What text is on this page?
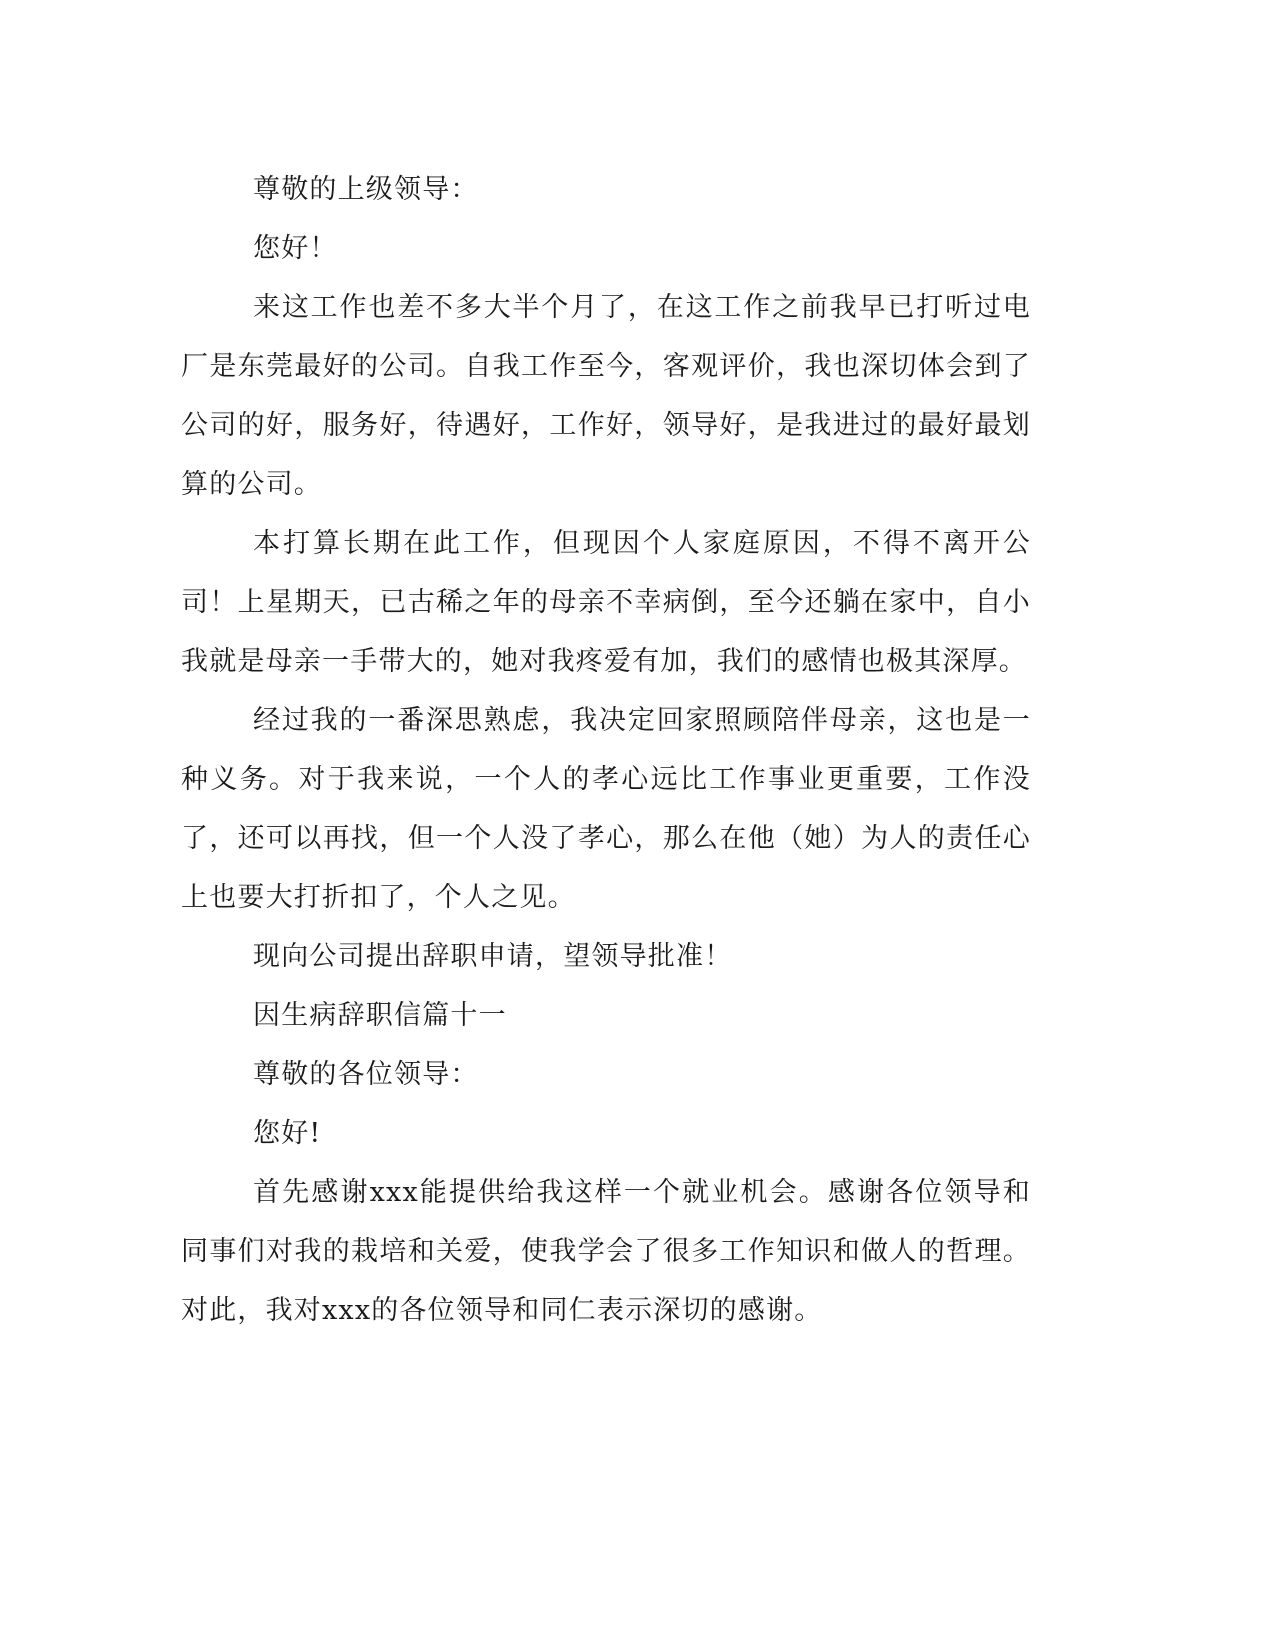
尊敬的上级领导：

您好！

来这工作也差不多大半个月了，在这工作之前我早已打听过电厂是东莞最好的公司。自我工作至今，客观评价，我也深切体会到了公司的好，服务好，待遇好，工作好，领导好，是我进过的最好最划算的公司。

本打算长期在此工作，但现因个人家庭原因，不得不离开公司！上星期天，已古稀之年的母亲不幸病倒，至今还躺在家中，自小我就是母亲一手带大的，她对我疼爱有加，我们的感情也极其深厚。

经过我的一番深思熟虑，我决定回家照顾陪伴母亲，这也是一种义务。对于我来说，一个人的孝心远比工作事业更重要，工作没了，还可以再找，但一个人没了孝心，那么在他（她）为人的责任心上也要大打折扣了，个人之见。

现向公司提出辞职申请，望领导批准！

因生病辞职信篇十一

尊敬的各位领导：

您好!

首先感谢xxx能提供给我这样一个就业机会。感谢各位领导和同事们对我的栽培和关爱，使我学会了很多工作知识和做人的哲理。对此，我对xxx的各位领导和同仁表示深切的感谢。
